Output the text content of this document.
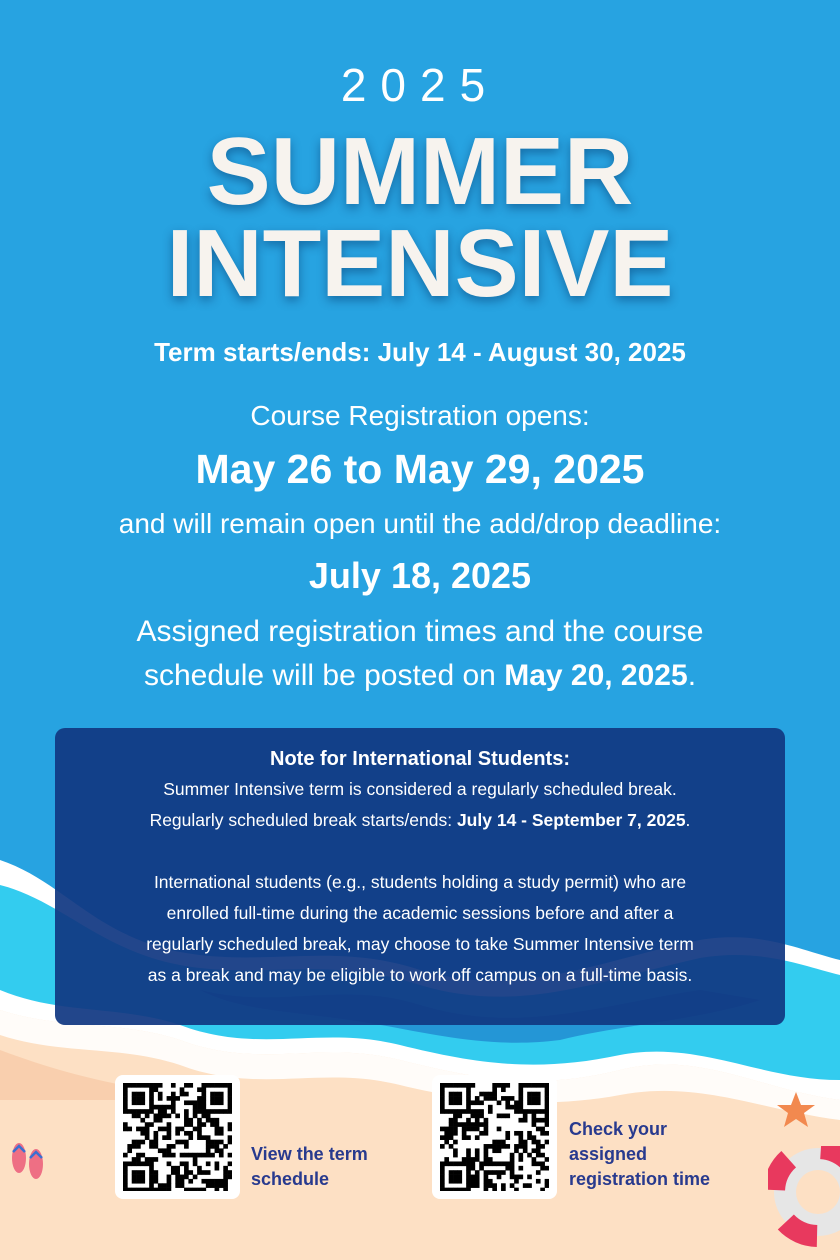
2025
SUMMER
INTENSIVE
Term starts/ends: July 14 - August 30, 2025
Course Registration opens:
May 26 to May 29, 2025
and will remain open until the add/drop deadline:
July 18, 2025
Assigned registration times and the course
schedule will be posted on May 20, 2025.
Note for International Students:
Summer Intensive term is considered a regularly scheduled break.
Regularly scheduled break starts/ends: July 14 - September 7, 2025.
International students (e.g., students holding a study permit) who are
enrolled full-time during the academic sessions before and after a
regularly scheduled break, may choose to take Summer Intensive term
as a break and may be eligible to work off campus on a full-time basis.
View the term
schedule
Check your
assigned
registration time
